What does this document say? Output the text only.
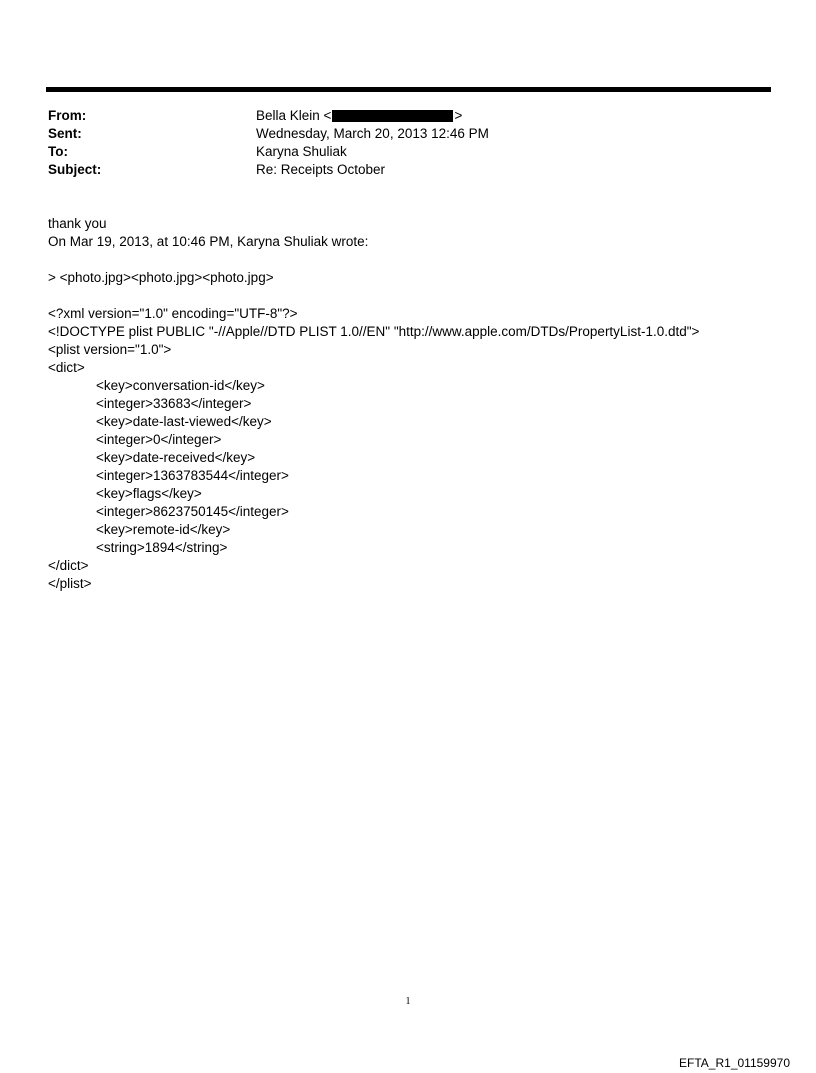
From:	Bella Klein <	>
Sent:	Wednesday, March 20, 2013 12:46 PM
To:	Karyna Shuliak
Subject:	Re: Receipts October
thank you
On Mar 19, 2013, at 10:46 PM, Karyna Shuliak wrote:
> <photo.jpg><photo.jpg><photo.jpg>
<?xml version="1.0" encoding="UTF-8"?>
<!DOCTYPE plist PUBLIC "-//Apple//DTD PLIST 1.0//EN" "http://www.apple.com/DTDs/PropertyList-1.0.dtd">
<plist version="1.0">
<dict>
<key>conversation-id</key>
<integer>33683</integer>
<key>date-last-viewed</key>
<integer>0</integer>
<key>date-received</key>
<integer>1363783544</integer>
<key>flags</key>
<integer>8623750145</integer>
<key>remote-id</key>
<string>1894</string>
</dict>
</plist>
1
EFTA_R1_01159970
